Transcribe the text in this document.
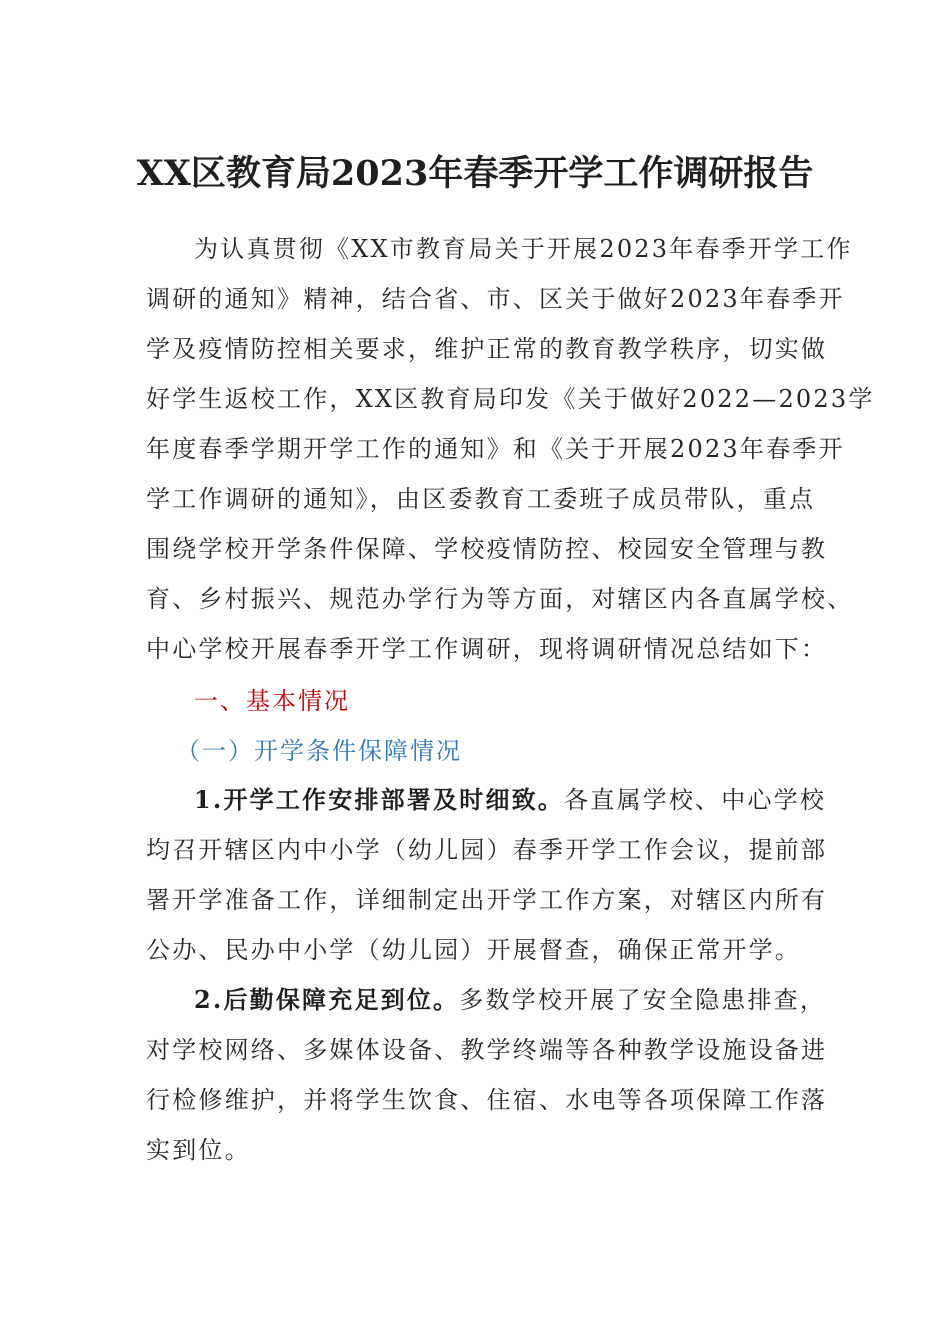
XX区教育局2023年春季开学工作调研报告
为认真贯彻《XX市教育局关于开展2023年春季开学工作
调研的通知》精神，结合省、市、区关于做好2023年春季开
学及疫情防控相关要求，维护正常的教育教学秩序，切实做
好学生返校工作，XX区教育局印发《关于做好2022—2023学
年度春季学期开学工作的通知》和《关于开展2023年春季开
学工作调研的通知》，由区委教育工委班子成员带队，重点
围绕学校开学条件保障、学校疫情防控、校园安全管理与教
育、乡村振兴、规范办学行为等方面，对辖区内各直属学校、
中心学校开展春季开学工作调研，现将调研情况总结如下：
一、基本情况
（一）开学条件保障情况
1.开学工作安排部署及时细致。各直属学校、中心学校
均召开辖区内中小学（幼儿园）春季开学工作会议，提前部
署开学准备工作，详细制定出开学工作方案，对辖区内所有
公办、民办中小学（幼儿园）开展督查，确保正常开学。
2.后勤保障充足到位。多数学校开展了安全隐患排查，
对学校网络、多媒体设备、教学终端等各种教学设施设备进
行检修维护，并将学生饮食、住宿、水电等各项保障工作落
实到位。
